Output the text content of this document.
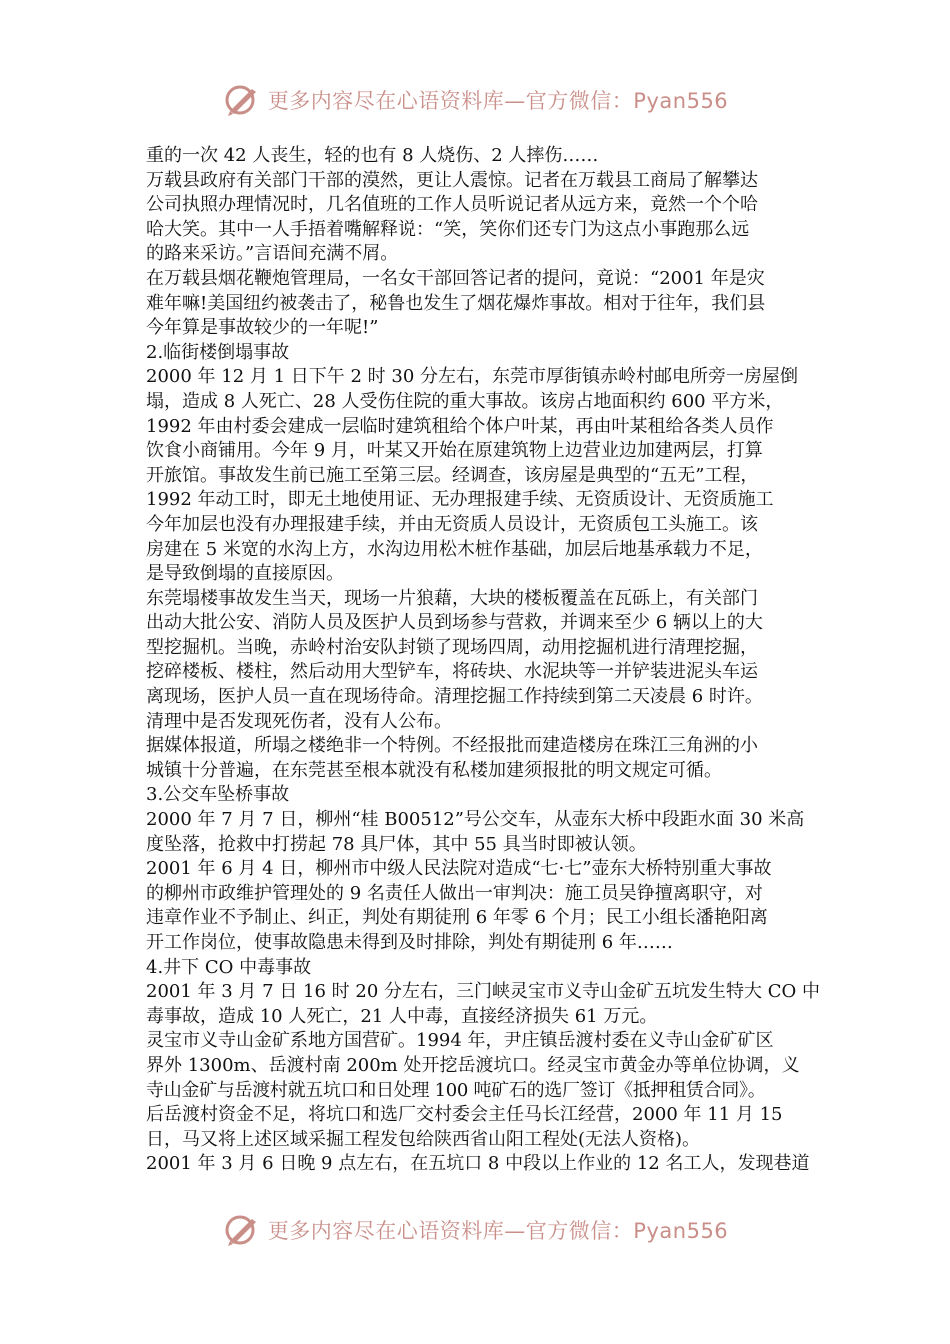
更多内容尽在心语资料库—官方微信：Pyan556
重的一次 42 人丧生，轻的也有 8 人烧伤、2 人摔伤……
万载县政府有关部门干部的漠然，更让人震惊。记者在万载县工商局了解攀达
公司执照办理情况时，几名值班的工作人员听说记者从远方来，竟然一个个哈
哈大笑。其中一人手捂着嘴解释说：“笑，笑你们还专门为这点小事跑那么远
的路来采访。”言语间充满不屑。
在万载县烟花鞭炮管理局，一名女干部回答记者的提问，竟说：“2001 年是灾
难年嘛!美国纽约被袭击了，秘鲁也发生了烟花爆炸事故。相对于往年，我们县
今年算是事故较少的一年呢!”
2.临街楼倒塌事故
2000 年 12 月 1 日下午 2 时 30 分左右，东莞市厚街镇赤岭村邮电所旁一房屋倒
塌，造成 8 人死亡、28 人受伤住院的重大事故。该房占地面积约 600 平方米，
1992 年由村委会建成一层临时建筑租给个体户叶某，再由叶某租给各类人员作
饮食小商铺用。今年 9 月，叶某又开始在原建筑物上边营业边加建两层，打算
开旅馆。事故发生前已施工至第三层。经调查，该房屋是典型的“五无”工程，
1992 年动工时，即无土地使用证、无办理报建手续、无资质设计、无资质施工
今年加层也没有办理报建手续，并由无资质人员设计，无资质包工头施工。该
房建在 5 米宽的水沟上方，水沟边用松木桩作基础，加层后地基承载力不足，
是导致倒塌的直接原因。
东莞塌楼事故发生当天，现场一片狼藉，大块的楼板覆盖在瓦砾上，有关部门
出动大批公安、消防人员及医护人员到场参与营救，并调来至少 6 辆以上的大
型挖掘机。当晚，赤岭村治安队封锁了现场四周，动用挖掘机进行清理挖掘，
挖碎楼板、楼柱，然后动用大型铲车，将砖块、水泥块等一并铲装进泥头车运
离现场，医护人员一直在现场待命。清理挖掘工作持续到第二天凌晨 6 时许。
清理中是否发现死伤者，没有人公布。
据媒体报道，所塌之楼绝非一个特例。不经报批而建造楼房在珠江三角洲的小
城镇十分普遍，在东莞甚至根本就没有私楼加建须报批的明文规定可循。
3.公交车坠桥事故
2000 年 7 月 7 日，柳州“桂 B00512”号公交车，从壶东大桥中段距水面 30 米高
度坠落，抢救中打捞起 78 具尸体，其中 55 具当时即被认领。
2001 年 6 月 4 日，柳州市中级人民法院对造成“七·七”壶东大桥特别重大事故
的柳州市政维护管理处的 9 名责任人做出一审判决：施工员吴铮擅离职守，对
违章作业不予制止、纠正，判处有期徒刑 6 年零 6 个月；民工小组长潘艳阳离
开工作岗位，使事故隐患未得到及时排除，判处有期徒刑 6 年……
4.井下 CO 中毒事故
2001 年 3 月 7 日 16 时 20 分左右，三门峡灵宝市义寺山金矿五坑发生特大 CO 中
毒事故，造成 10 人死亡，21 人中毒，直接经济损失 61 万元。
灵宝市义寺山金矿系地方国营矿。1994 年，尹庄镇岳渡村委在义寺山金矿矿区
界外 1300m、岳渡村南 200m 处开挖岳渡坑口。经灵宝市黄金办等单位协调，义
寺山金矿与岳渡村就五坑口和日处理 100 吨矿石的选厂签订《抵押租赁合同》。
后岳渡村资金不足，将坑口和选厂交村委会主任马长江经营，2000 年 11 月 15
日，马又将上述区域采掘工程发包给陕西省山阳工程处(无法人资格)。
2001 年 3 月 6 日晚 9 点左右，在五坑口 8 中段以上作业的 12 名工人，发现巷道
更多内容尽在心语资料库—官方微信：Pyan556
